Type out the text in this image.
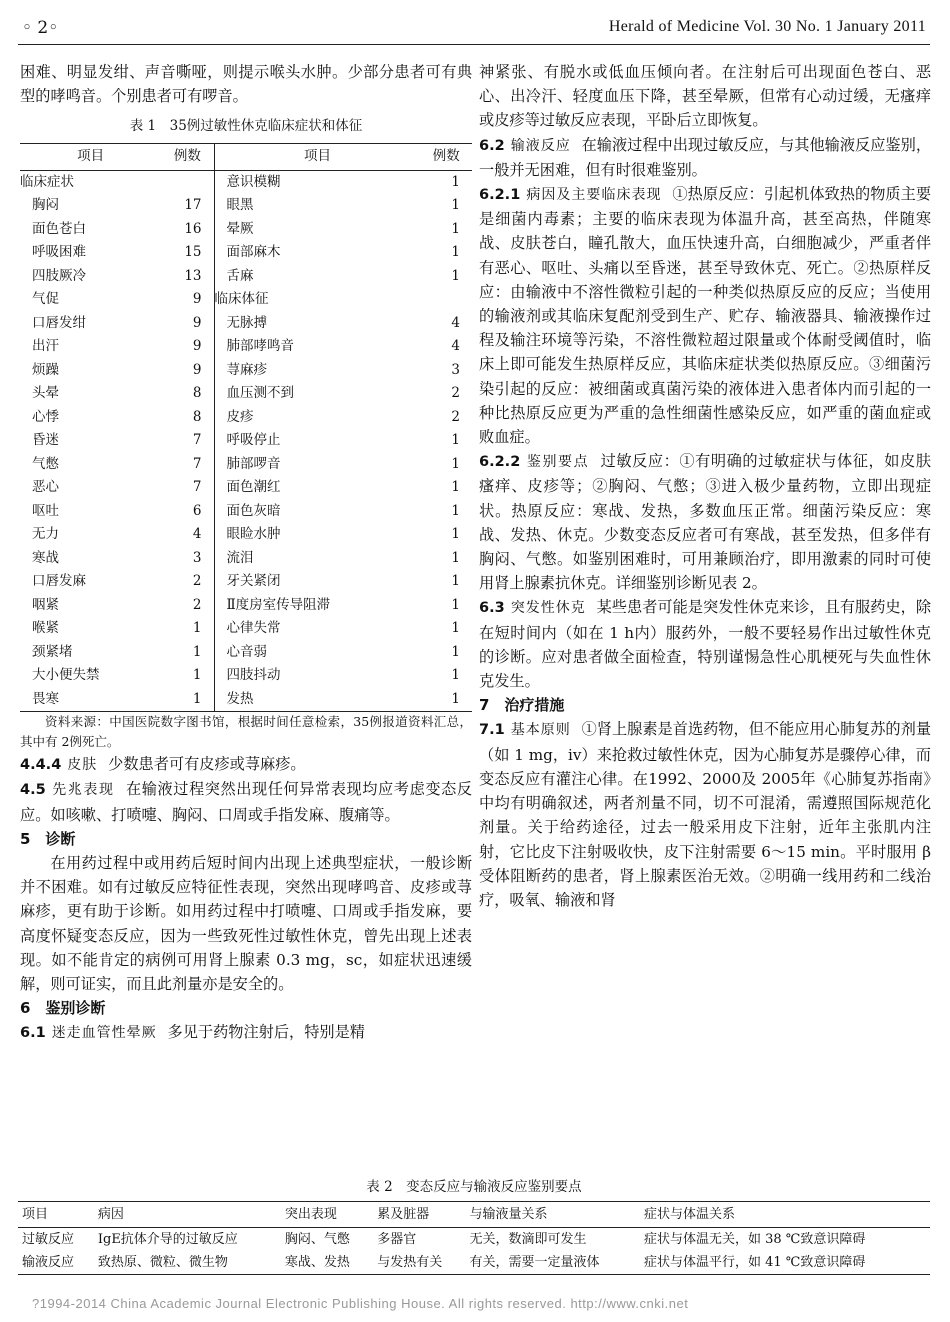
◦ 2◦	Herald of Medicine Vol. 30 No. 1 January 2011

困难、明显发绀、声音嘶哑，则提示喉头水肿。少部分患者可有典型的哮鸣音。个别患者可有啰音。

表 1　35例过敏性休克临床症状和体征
项目	例数	项目	例数
临床症状		意识模糊	1
胸闷	17	眼黑	1
面色苍白	16	晕厥	1
呼吸困难	15	面部麻木	1
四肢厥冷	13	舌麻	1
气促	9	临床体征	
口唇发绀	9	无脉搏	4
出汗	9	肺部哮鸣音	4
烦躁	9	荨麻疹	3
头晕	8	血压测不到	2
心悸	8	皮疹	2
昏迷	7	呼吸停止	1
气憋	7	肺部啰音	1
恶心	7	面色潮红	1
呕吐	6	面色灰暗	1
无力	4	眼睑水肿	1
寒战	3	流泪	1
口唇发麻	2	牙关紧闭	1
咽紧	2	Ⅱ度房室传导阻滞	1
喉紧	1	心律失常	1
颈紧堵	1	心音弱	1
大小便失禁	1	四肢抖动	1
畏寒	1	发热	1

资料来源：中国医院数字图书馆，根据时间任意检索，35例报道资料汇总，其中有 2例死亡。

4.4.4 皮肤 少数患者可有皮疹或荨麻疹。

4.5 先兆表现 在输液过程突然出现任何异常表现均应考虑变态反应。如咳嗽、打喷嚏、胸闷、口周或手指发麻、腹痛等。

5　诊断

在用药过程中或用药后短时间内出现上述典型症状，一般诊断并不困难。如有过敏反应特征性表现，突然出现哮鸣音、皮疹或荨麻疹，更有助于诊断。如用药过程中打喷嚏、口周或手指发麻，要高度怀疑变态反应，因为一些致死性过敏性休克，曾先出现上述表现。如不能肯定的病例可用肾上腺素 0.3 mg，sc，如症状迅速缓解，则可证实，而且此剂量亦是安全的。

6　鉴别诊断

6.1 迷走血管性晕厥 多见于药物注射后，特别是精

神紧张、有脱水或低血压倾向者。在注射后可出现面色苍白、恶心、出冷汗、轻度血压下降，甚至晕厥，但常有心动过缓，无瘙痒或皮疹等过敏反应表现，平卧后立即恢复。

6.2 输液反应 在输液过程中出现过敏反应，与其他输液反应鉴别，一般并无困难，但有时很难鉴别。

6.2.1 病因及主要临床表现 ①热原反应：引起机体致热的物质主要是细菌内毒素；主要的临床表现为体温升高，甚至高热，伴随寒战、皮肤苍白，瞳孔散大，血压快速升高，白细胞减少，严重者伴有恶心、呕吐、头痛以至昏迷，甚至导致休克、死亡。②热原样反应：由输液中不溶性微粒引起的一种类似热原反应的反应；当使用的输液剂或其临床复配剂受到生产、贮存、输液器具、输液操作过程及输注环境等污染，不溶性微粒超过限量或个体耐受阈值时，临床上即可能发生热原样反应，其临床症状类似热原反应。③细菌污染引起的反应：被细菌或真菌污染的液体进入患者体内而引起的一种比热原反应更为严重的急性细菌性感染反应，如严重的菌血症或败血症。

6.2.2 鉴别要点 过敏反应：①有明确的过敏症状与体征，如皮肤瘙痒、皮疹等；②胸闷、气憋；③进入极少量药物，立即出现症状。热原反应：寒战、发热，多数血压正常。细菌污染反应：寒战、发热、休克。少数变态反应者可有寒战，甚至发热，但多伴有胸闷、气憋。如鉴别困难时，可用兼顾治疗，即用激素的同时可使用肾上腺素抗休克。详细鉴别诊断见表 2。

6.3 突发性休克 某些患者可能是突发性休克来诊，且有服药史，除在短时间内（如在 1 h内）服药外，一般不要轻易作出过敏性休克的诊断。应对患者做全面检查，特别谨惕急性心肌梗死与失血性休克发生。

7　治疗措施

7.1 基本原则 ①肾上腺素是首选药物，但不能应用心肺复苏的剂量（如 1 mg，iv）来抢救过敏性休克，因为心肺复苏是骤停心律，而变态反应有灌注心律。在1992、2000及 2005年《心肺复苏指南》中均有明确叙述，两者剂量不同，切不可混淆，需遵照国际规范化剂量。关于给药途径，过去一般采用皮下注射，近年主张肌内注射，它比皮下注射吸收快，皮下注射需要 6～15 min。平时服用 β受体阻断药的患者，肾上腺素医治无效。②明确一线用药和二线治疗，吸氧、输液和肾

表 2　变态反应与输液反应鉴别要点
项目	病因	突出表现	累及脏器	与输液量关系	症状与体温关系
过敏反应	IgE抗体介导的过敏反应	胸闷、气憋	多器官	无关，数滴即可发生	症状与体温无关，如 38 ℃致意识障碍
输液反应	致热原、微粒、微生物	寒战、发热	与发热有关	有关，需要一定量液体	症状与体温平行，如 41 ℃致意识障碍
?1994-2014 China Academic Journal Electronic Publishing House. All rights reserved. http://www.cnki.net
